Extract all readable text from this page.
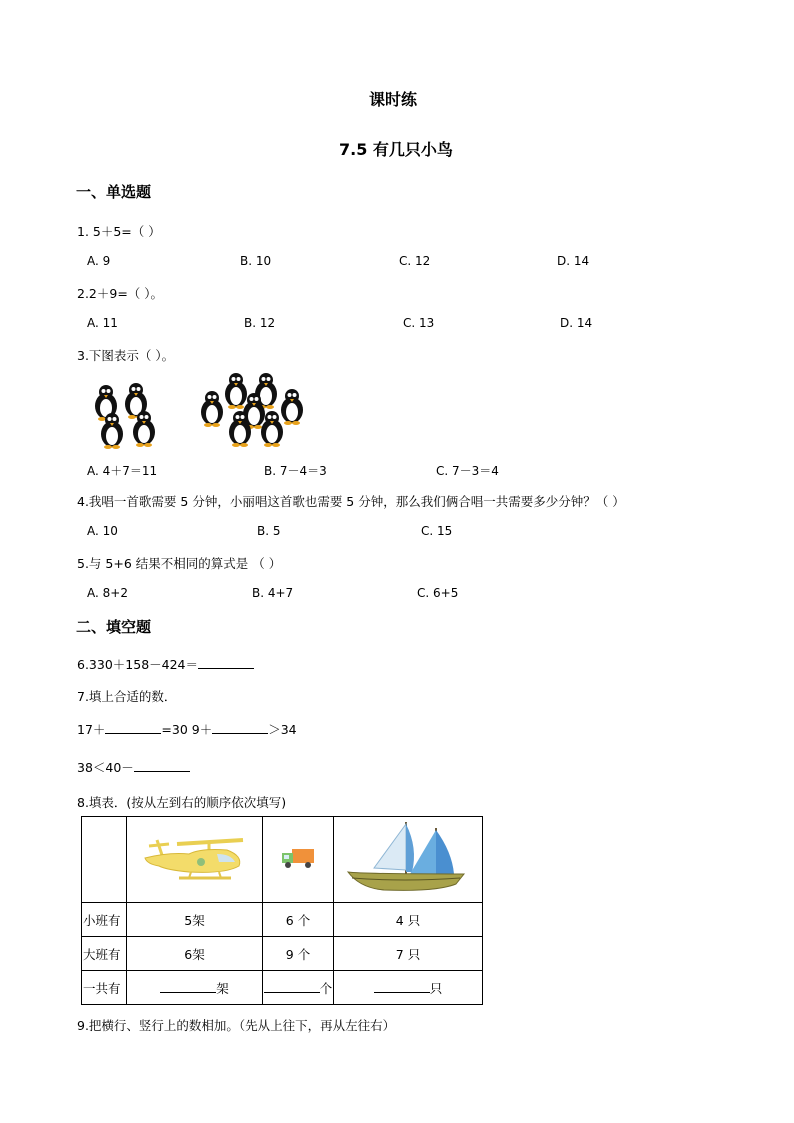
课时练
7.5 有几只小鸟
一、单选题
1. 5＋5=（ ）
A. 9	B. 10	C. 12	D. 14
2.2＋9=（ ）。
A. 11	B. 12	C. 13	D. 14
3.下图表示（ ）。
A. 4＋7＝11	B. 7－4＝3	C. 7－3＝4
4.我唱一首歌需要 5 分钟，小丽唱这首歌也需要 5 分钟，那么我们俩合唱一共需要多少分钟？（ ）
A. 10	B. 5	C. 15
5.与 5+6 结果不相同的算式是 （ ）
A. 8+2	B. 4+7	C. 6+5
二、填空题
6.330＋158－424＝
7.填上合适的数．
17＋	=30 9＋	＞34
38＜40－
8.填表．(按从左到右的顺序依次填写)

小班有	5架	6 个	4 只
大班有	6架	9 个	7 只
一共有	架	个	只
9.把横行、竖行上的数相加。（先从上往下，再从左往右）
